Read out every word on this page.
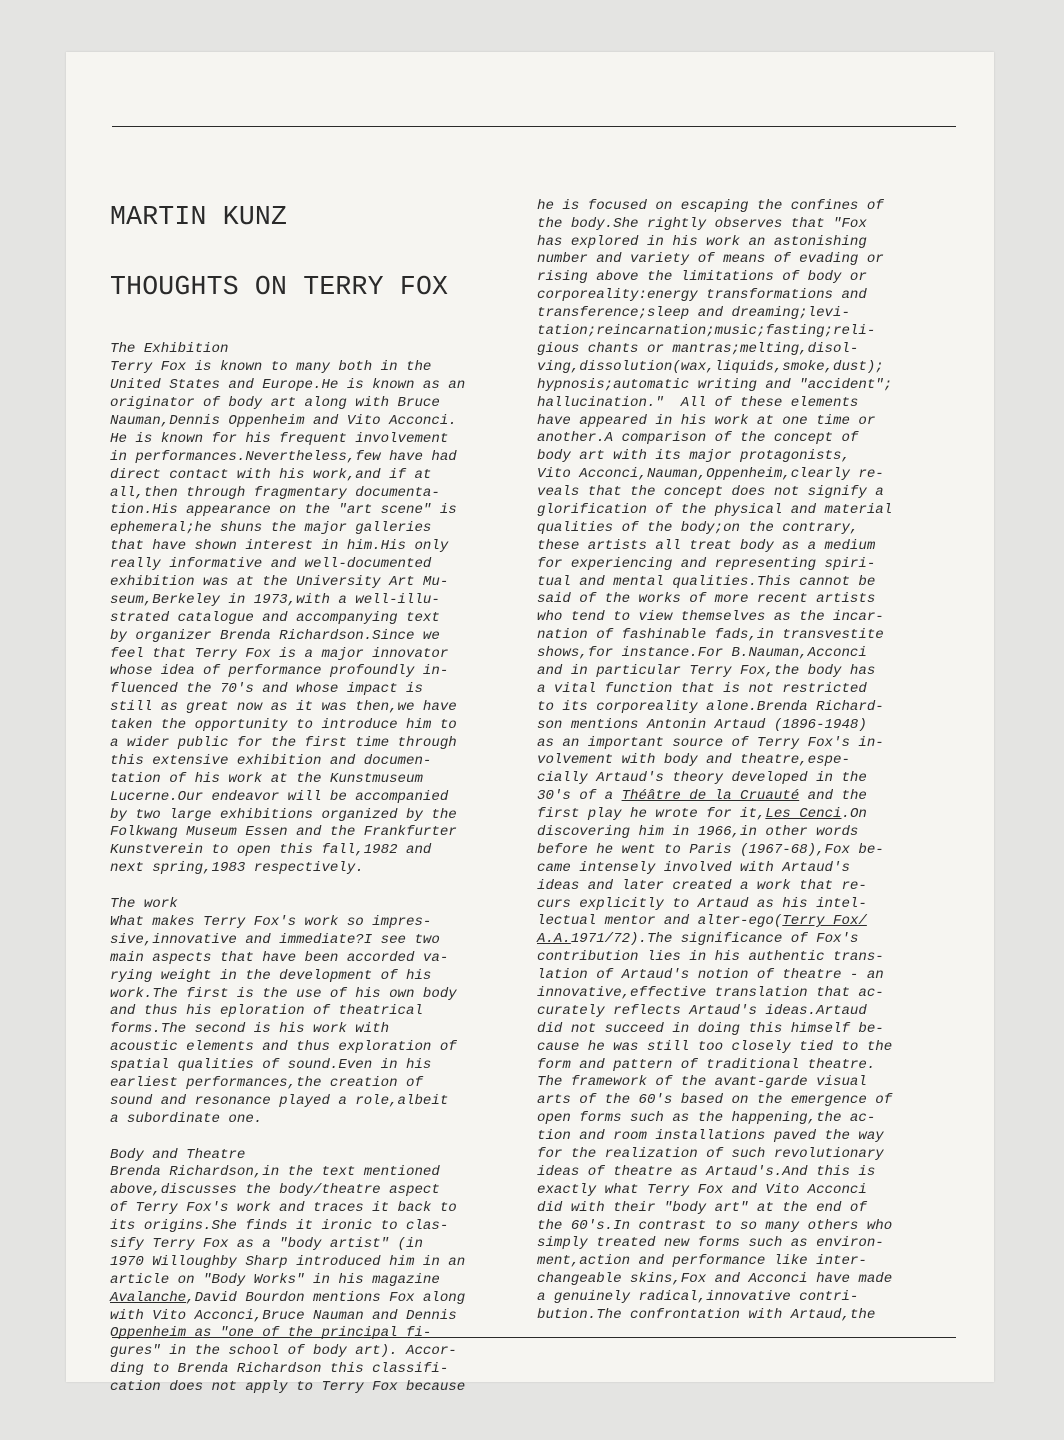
MARTIN KUNZ

THOUGHTS ON TERRY FOX

The Exhibition
Terry Fox is known to many both in the
United States and Europe.He is known as an
originator of body art along with Bruce
Nauman,Dennis Oppenheim and Vito Acconci.
He is known for his frequent involvement
in performances.Nevertheless,few have had
direct contact with his work,and if at
all,then through fragmentary documenta-
tion.His appearance on the "art scene" is
ephemeral;he shuns the major galleries
that have shown interest in him.His only
really informative and well-documented
exhibition was at the University Art Mu-
seum,Berkeley in 1973,with a well-illu-
strated catalogue and accompanying text
by organizer Brenda Richardson.Since we
feel that Terry Fox is a major innovator
whose idea of performance profoundly in-
fluenced the 70's and whose impact is
still as great now as it was then,we have
taken the opportunity to introduce him to
a wider public for the first time through
this extensive exhibition and documen-
tation of his work at the Kunstmuseum
Lucerne.Our endeavor will be accompanied
by two large exhibitions organized by the
Folkwang Museum Essen and the Frankfurter
Kunstverein to open this fall,1982 and
next spring,1983 respectively.
The work
What makes Terry Fox's work so impres-
sive,innovative and immediate?I see two
main aspects that have been accorded va-
rying weight in the development of his
work.The first is the use of his own body
and thus his eploration of theatrical
forms.The second is his work with
acoustic elements and thus exploration of
spatial qualities of sound.Even in his
earliest performances,the creation of
sound and resonance played a role,albeit
a subordinate one.
Body and Theatre
Brenda Richardson,in the text mentioned
above,discusses the body/theatre aspect
of Terry Fox's work and traces it back to
its origins.She finds it ironic to clas-
sify Terry Fox as a "body artist" (in
1970 Willoughby Sharp introduced him in an
article on "Body Works" in his magazine
Avalanche,David Bourdon mentions Fox along
with Vito Acconci,Bruce Nauman and Dennis
Oppenheim as "one of the principal fi-
gures" in the school of body art). Accor-
ding to Brenda Richardson this classifi-
cation does not apply to Terry Fox because

he is focused on escaping the confines of
the body.She rightly observes that "Fox
has explored in his work an astonishing
number and variety of means of evading or
rising above the limitations of body or
corporeality:energy transformations and
transference;sleep and dreaming;levi-
tation;reincarnation;music;fasting;reli-
gious chants or mantras;melting,disol-
ving,dissolution(wax,liquids,smoke,dust);
hypnosis;automatic writing and "accident";
hallucination."  All of these elements
have appeared in his work at one time or
another.A comparison of the concept of
body art with its major protagonists,
Vito Acconci,Nauman,Oppenheim,clearly re-
veals that the concept does not signify a
glorification of the physical and material
qualities of the body;on the contrary,
these artists all treat body as a medium
for experiencing and representing spiri-
tual and mental qualities.This cannot be
said of the works of more recent artists
who tend to view themselves as the incar-
nation of fashinable fads,in transvestite
shows,for instance.For B.Nauman,Acconci
and in particular Terry Fox,the body has
a vital function that is not restricted
to its corporeality alone.Brenda Richard-
son mentions Antonin Artaud (1896-1948)
as an important source of Terry Fox's in-
volvement with body and theatre,espe-
cially Artaud's theory developed in the
30's of a Théâtre de la Cruauté and the
first play he wrote for it,Les Cenci.On
discovering him in 1966,in other words
before he went to Paris (1967-68),Fox be-
came intensely involved with Artaud's
ideas and later created a work that re-
curs explicitly to Artaud as his intel-
lectual mentor and alter-ego(Terry Fox/
A.A.1971/72).The significance of Fox's
contribution lies in his authentic trans-
lation of Artaud's notion of theatre - an
innovative,effective translation that ac-
curately reflects Artaud's ideas.Artaud
did not succeed in doing this himself be-
cause he was still too closely tied to the
form and pattern of traditional theatre.
The framework of the avant-garde visual
arts of the 60's based on the emergence of
open forms such as the happening,the ac-
tion and room installations paved the way
for the realization of such revolutionary
ideas of theatre as Artaud's.And this is
exactly what Terry Fox and Vito Acconci
did with their "body art" at the end of
the 60's.In contrast to so many others who
simply treated new forms such as environ-
ment,action and performance like inter-
changeable skins,Fox and Acconci have made
a genuinely radical,innovative contri-
bution.The confrontation with Artaud,the
